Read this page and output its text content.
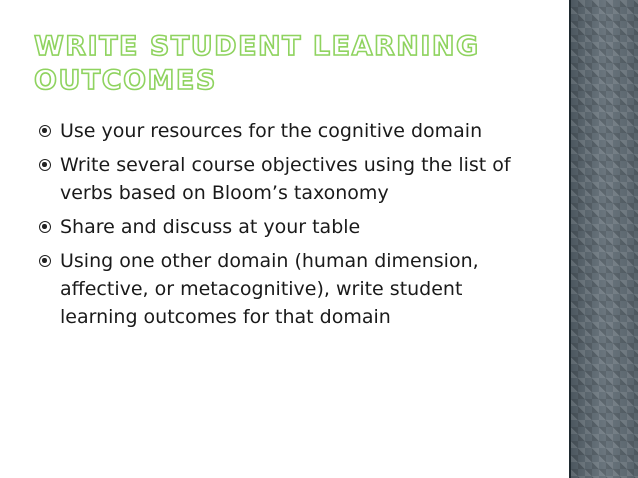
WRITE STUDENT LEARNING OUTCOMES
Use your resources for the cognitive domain
Write several course objectives using the list of verbs based on Bloom’s taxonomy
Share and discuss at your table
Using one other domain (human dimension, affective, or metacognitive), write student learning outcomes for that domain
